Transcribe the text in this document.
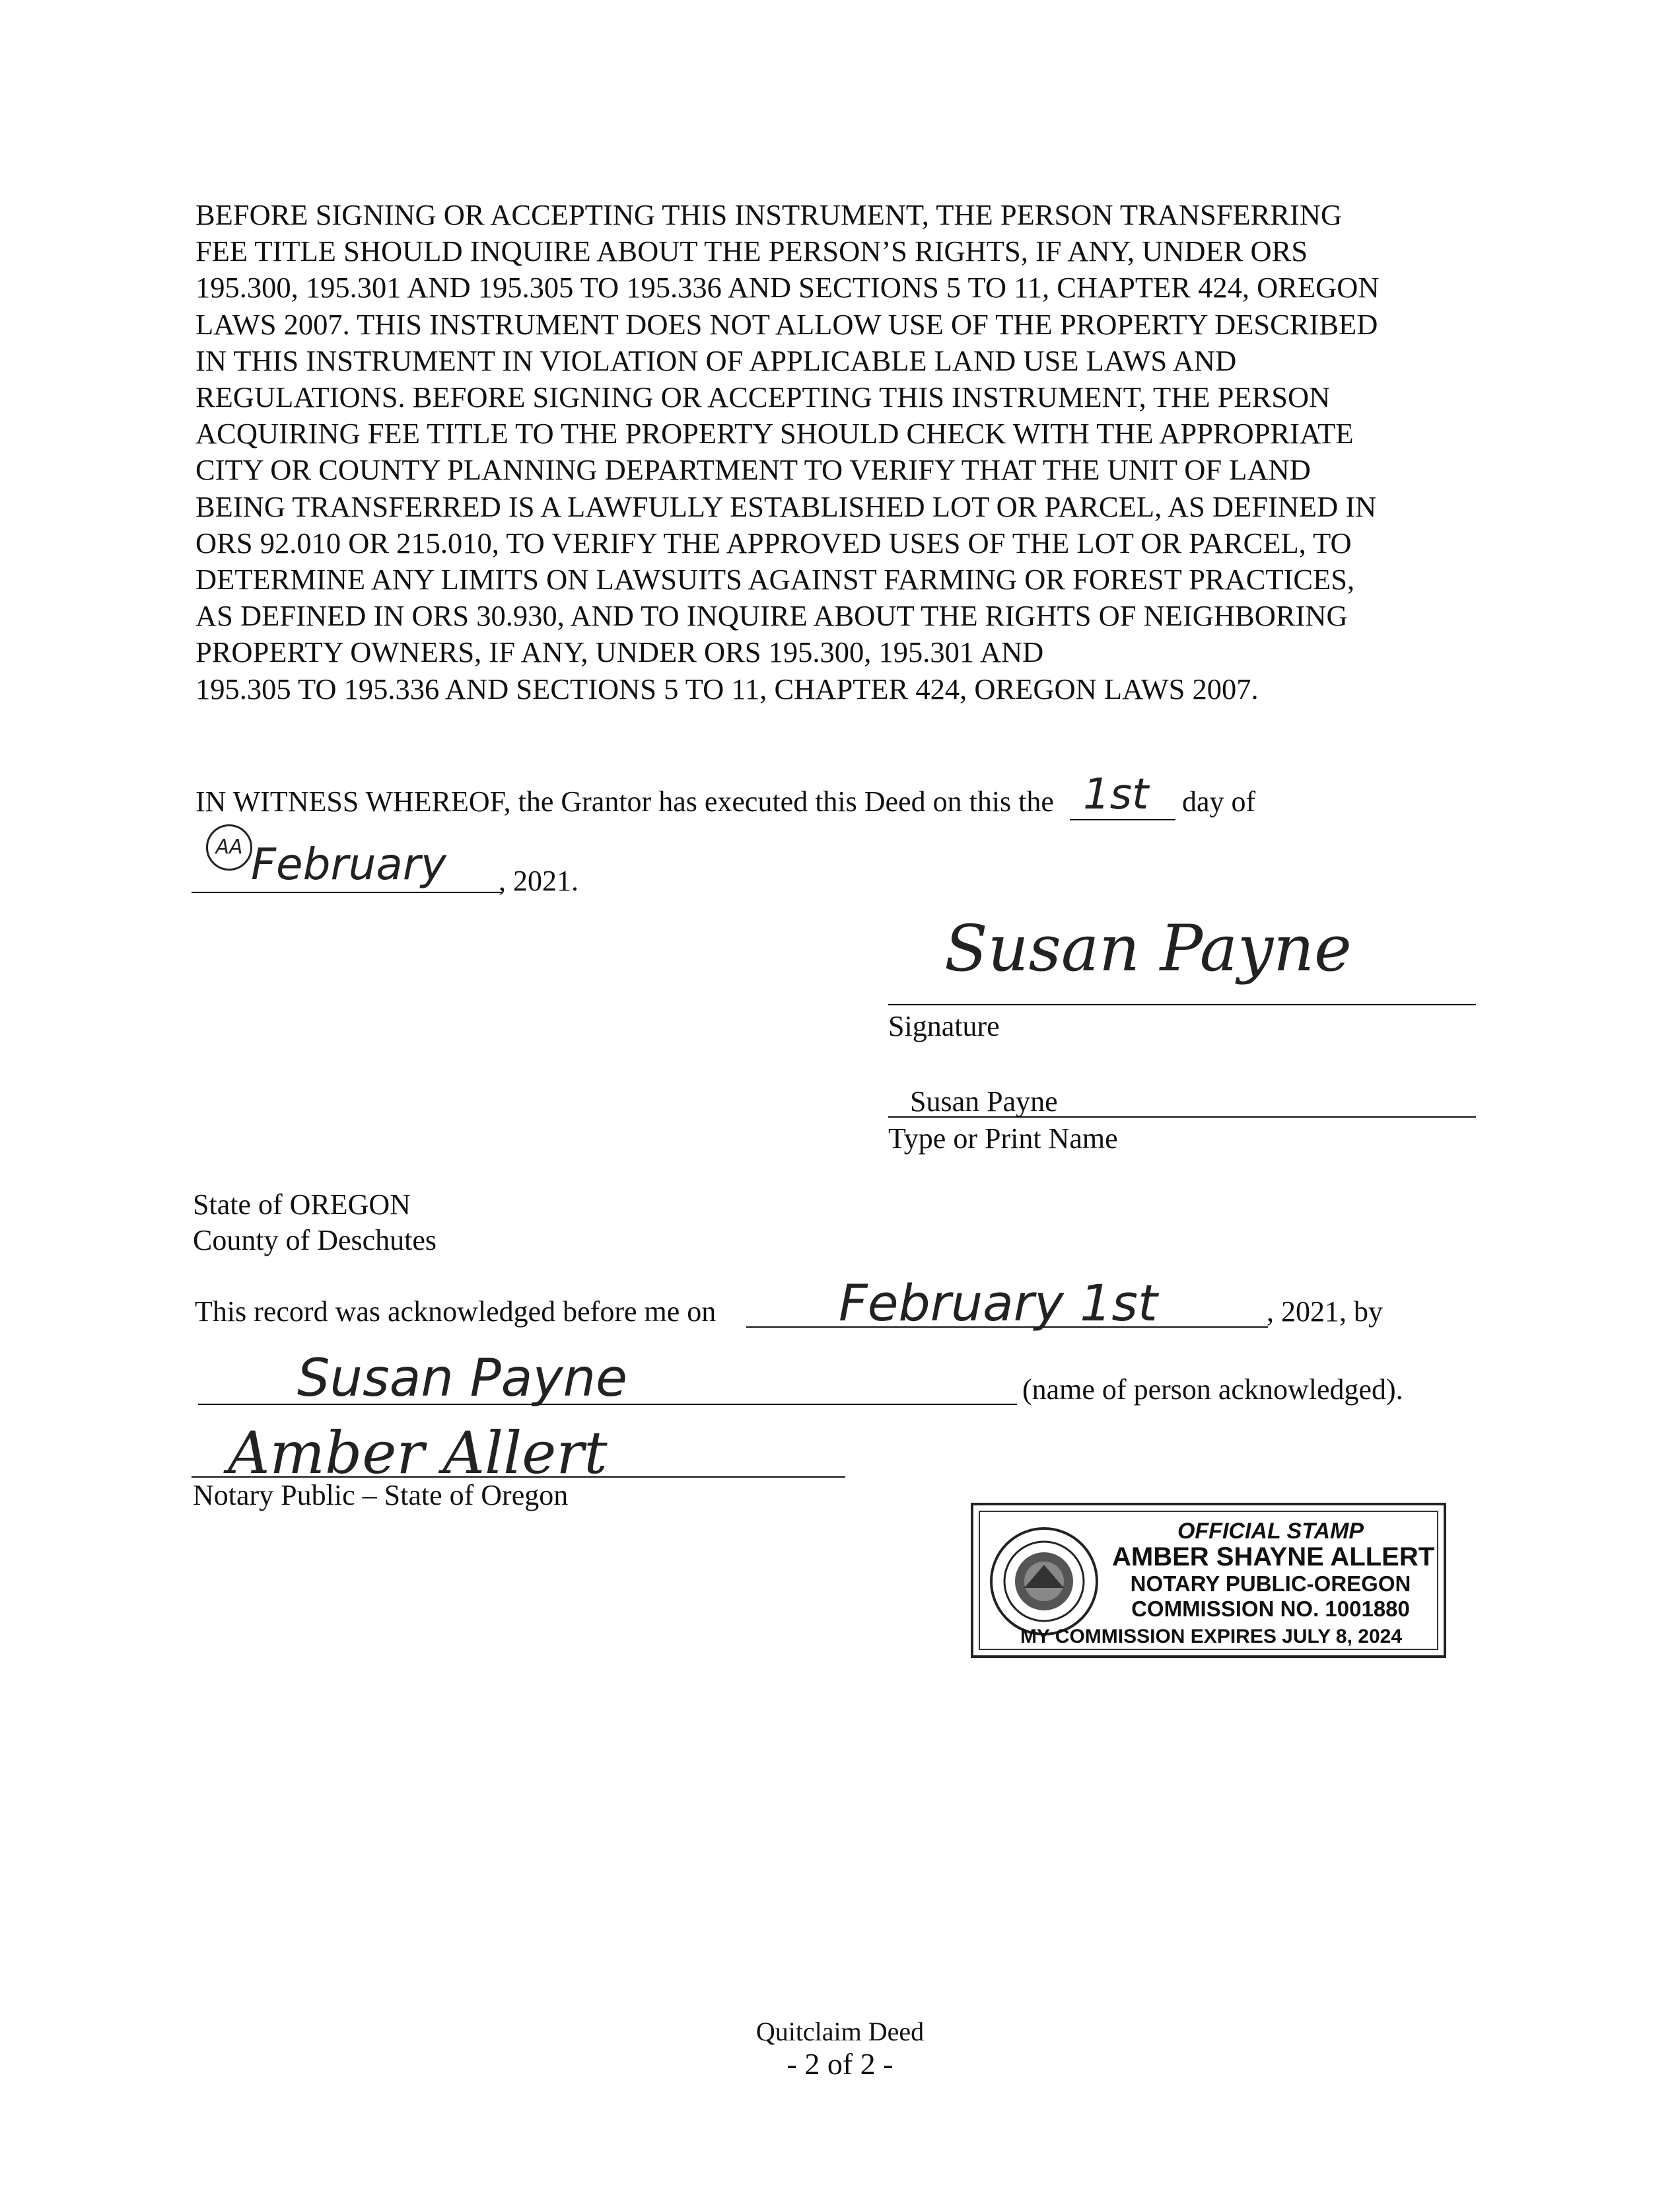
BEFORE SIGNING OR ACCEPTING THIS INSTRUMENT, THE PERSON TRANSFERRING
FEE TITLE SHOULD INQUIRE ABOUT THE PERSON’S RIGHTS, IF ANY, UNDER ORS
195.300, 195.301 AND 195.305 TO 195.336 AND SECTIONS 5 TO 11, CHAPTER 424, OREGON
LAWS 2007. THIS INSTRUMENT DOES NOT ALLOW USE OF THE PROPERTY DESCRIBED
IN THIS INSTRUMENT IN VIOLATION OF APPLICABLE LAND USE LAWS AND
REGULATIONS. BEFORE SIGNING OR ACCEPTING THIS INSTRUMENT, THE PERSON
ACQUIRING FEE TITLE TO THE PROPERTY SHOULD CHECK WITH THE APPROPRIATE
CITY OR COUNTY PLANNING DEPARTMENT TO VERIFY THAT THE UNIT OF LAND
BEING TRANSFERRED IS A LAWFULLY ESTABLISHED LOT OR PARCEL, AS DEFINED IN
ORS 92.010 OR 215.010, TO VERIFY THE APPROVED USES OF THE LOT OR PARCEL, TO
DETERMINE ANY LIMITS ON LAWSUITS AGAINST FARMING OR FOREST PRACTICES,
AS DEFINED IN ORS 30.930, AND TO INQUIRE ABOUT THE RIGHTS OF NEIGHBORING
PROPERTY OWNERS, IF ANY, UNDER ORS 195.300, 195.301 AND
195.305 TO 195.336 AND SECTIONS 5 TO 11, CHAPTER 424, OREGON LAWS 2007.
IN WITNESS WHEREOF, the Grantor has executed this Deed on this the 1st day of
AA February , 2021.
Susan Payne
Signature
Susan Payne
Type or Print Name
State of OREGON
County of Deschutes
This record was acknowledged before me on February 1st	, 2021, by
Susan Payne	(name of person acknowledged).
Amber Allert
Notary Public – State of Oregon
OFFICIAL STAMP
AMBER SHAYNE ALLERT
NOTARY PUBLIC-OREGON
COMMISSION NO. 1001880
MY COMMISSION EXPIRES JULY 8, 2024
Quitclaim Deed
- 2 of 2 -
